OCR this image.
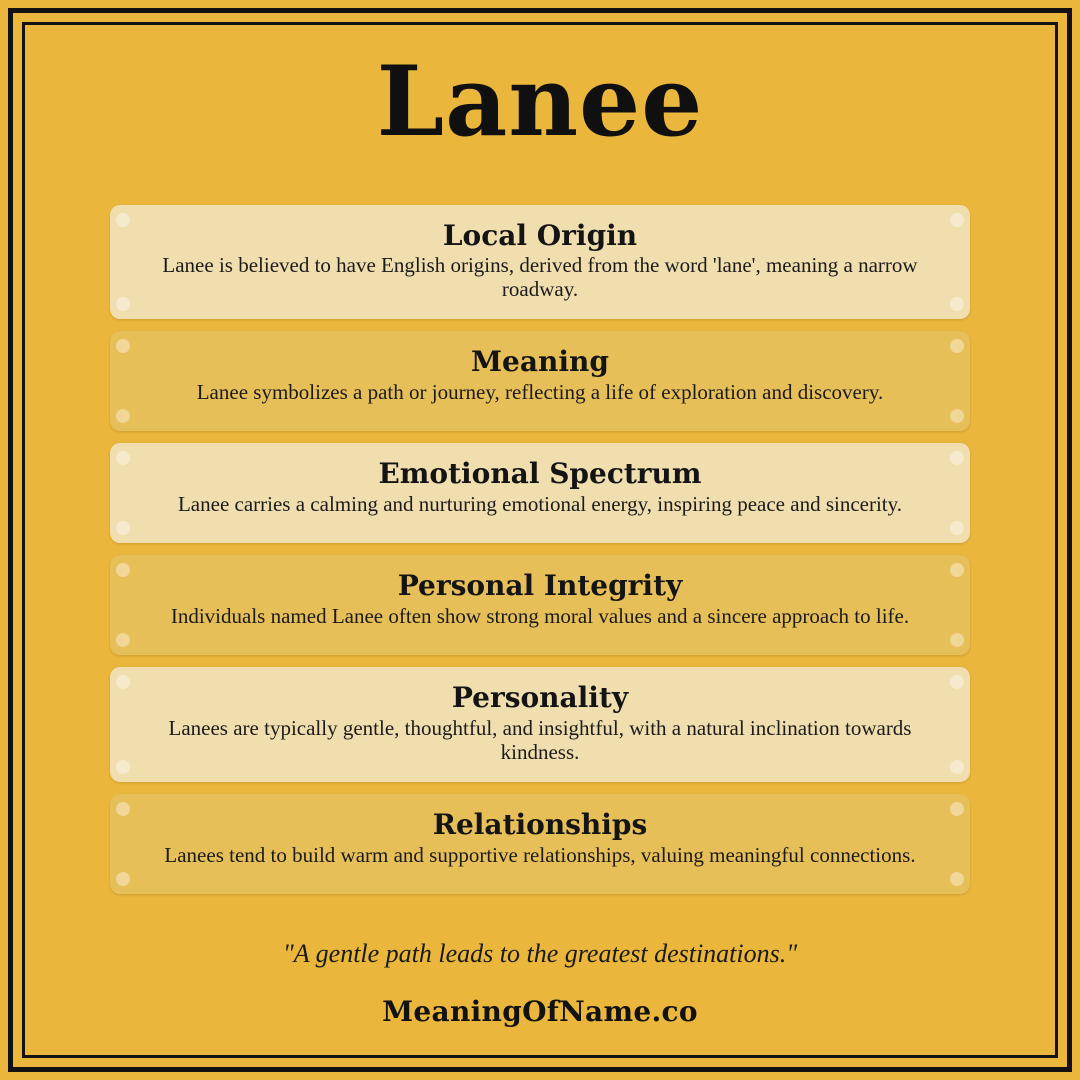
Lanee
Local Origin
Lanee is believed to have English origins, derived from the word 'lane', meaning a narrow roadway.
Meaning
Lanee symbolizes a path or journey, reflecting a life of exploration and discovery.
Emotional Spectrum
Lanee carries a calming and nurturing emotional energy, inspiring peace and sincerity.
Personal Integrity
Individuals named Lanee often show strong moral values and a sincere approach to life.
Personality
Lanees are typically gentle, thoughtful, and insightful, with a natural inclination towards kindness.
Relationships
Lanees tend to build warm and supportive relationships, valuing meaningful connections.
"A gentle path leads to the greatest destinations."
MeaningOfName.co
